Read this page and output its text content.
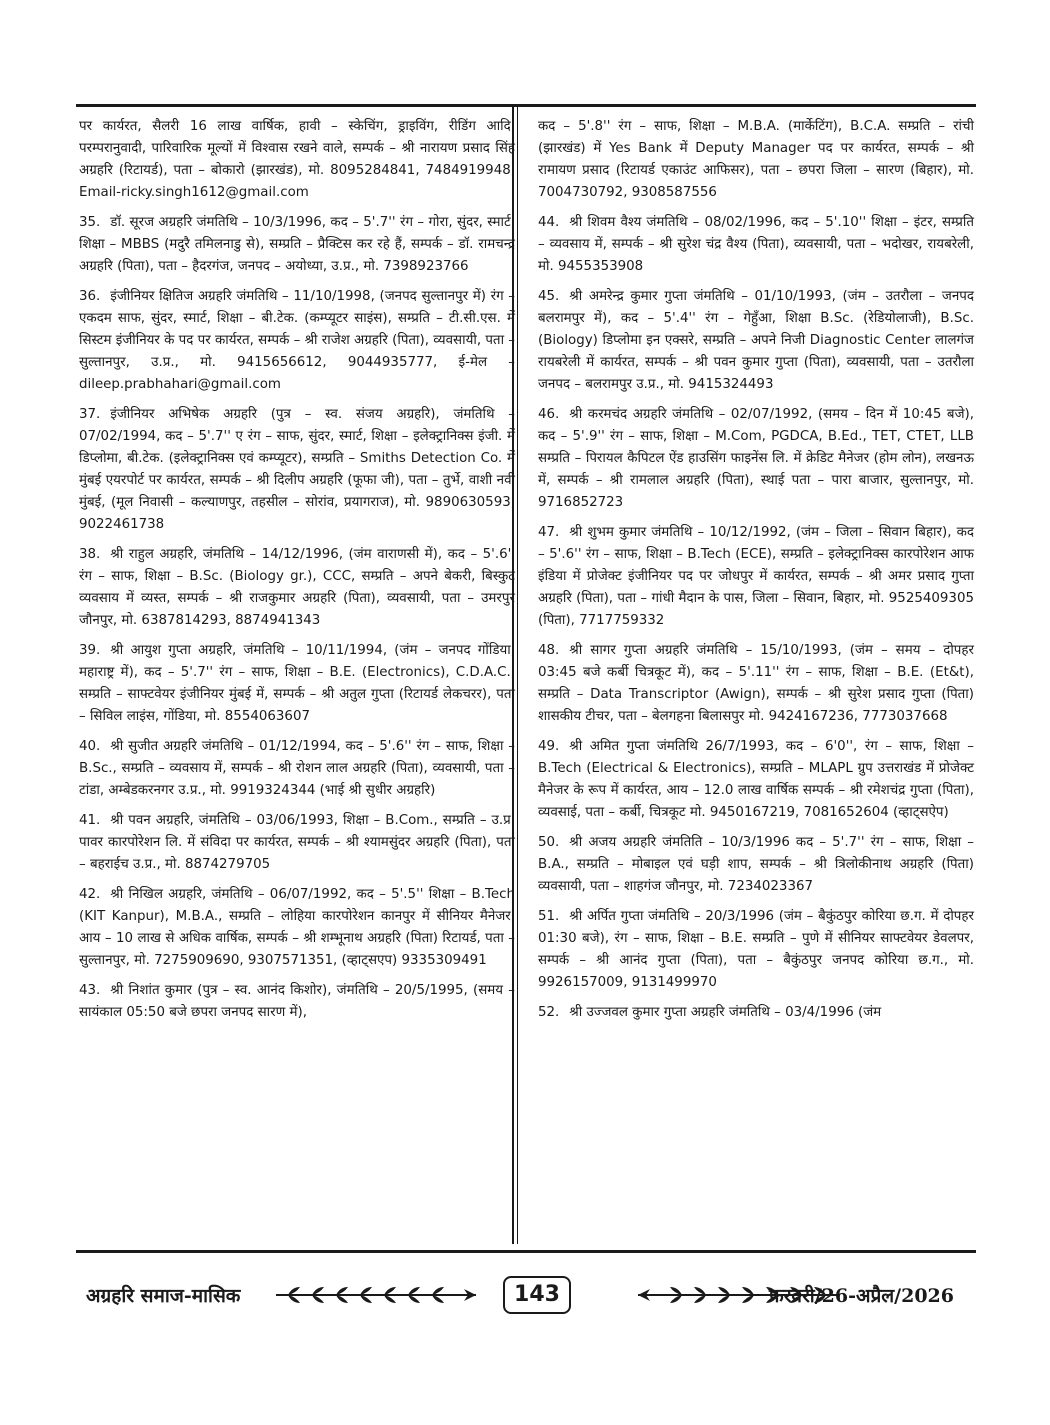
पर कार्यरत, सैलरी 16 लाख वार्षिक, हावी – स्केचिंग, ड्राइविंग, रीडिंग आदि, परम्परानुवादी, पारिवारिक मूल्यों में विश्वास रखने वाले, सम्पर्क – श्री नारायण प्रसाद सिंह अग्रहरि (रिटायर्ड), पता – बोकारो (झारखंड), मो. 8095284841, 7484919948, Email-ricky.singh1612@gmail.com
35. डॉ. सूरज अग्रहरि जंमतिथि – 10/3/1996, कद – 5'.7'' रंग – गोरा, सुंदर, स्मार्ट, शिक्षा – MBBS (मदुरै तमिलनाडु से), सम्प्रति – प्रैक्टिस कर रहे हैं, सम्पर्क – डॉ. रामचन्द्र अग्रहरि (पिता), पता – हैदरगंज, जनपद – अयोध्या, उ.प्र., मो. 7398923766
36. इंजीनियर क्षितिज अग्रहरि जंमतिथि – 11/10/1998, (जनपद सुल्तानपुर में) रंग – एकदम साफ, सुंदर, स्मार्ट, शिक्षा – बी.टेक. (कम्प्यूटर साइंस), सम्प्रति – टी.सी.एस. में सिस्टम इंजीनियर के पद पर कार्यरत, सम्पर्क – श्री राजेश अग्रहरि (पिता), व्यवसायी, पता – सुल्तानपुर, उ.प्र., मो. 9415656612, 9044935777, ई-मेल – dileep.prabhahari@gmail.com
37. इंजीनियर अभिषेक अग्रहरि (पुत्र – स्व. संजय अग्रहरि), जंमतिथि – 07/02/1994, कद – 5'.7'' ए रंग – साफ, सुंदर, स्मार्ट, शिक्षा – इलेक्ट्रानिक्स इंजी. में डिप्लोमा, बी.टेक. (इलेक्ट्रानिक्स एवं कम्प्यूटर), सम्प्रति – Smiths Detection Co. में मुंबई एयरपोर्ट पर कार्यरत, सम्पर्क – श्री दिलीप अग्रहरि (फूफा जी), पता – तुर्भे, वाशी नवी मुंबई, (मूल निवासी – कल्याणपुर, तहसील – सोरांव, प्रयागराज), मो. 9890630593, 9022461738
38. श्री राहुल अग्रहरि, जंमतिथि – 14/12/1996, (जंम वाराणसी में), कद – 5'.6'' रंग – साफ, शिक्षा – B.Sc. (Biology gr.), CCC, सम्प्रति – अपने बेकरी, बिस्कुट व्यवसाय में व्यस्त, सम्पर्क – श्री राजकुमार अग्रहरि (पिता), व्यवसायी, पता – उमरपुर जौनपुर, मो. 6387814293, 8874941343
39. श्री आयुश गुप्ता अग्रहरि, जंमतिथि – 10/11/1994, (जंम – जनपद गोंडिया, महाराष्ट्र में), कद – 5'.7'' रंग – साफ, शिक्षा – B.E. (Electronics), C.D.A.C., सम्प्रति – साफ्टवेयर इंजीनियर मुंबई में, सम्पर्क – श्री अतुल गुप्ता (रिटायर्ड लेकचरर), पता – सिविल लाइंस, गोंडिया, मो. 8554063607
40. श्री सुजीत अग्रहरि जंमतिथि – 01/12/1994, कद – 5'.6'' रंग – साफ, शिक्षा – B.Sc., सम्प्रति – व्यवसाय में, सम्पर्क – श्री रोशन लाल अग्रहरि (पिता), व्यवसायी, पता – टांडा, अम्बेडकरनगर उ.प्र., मो. 9919324344 (भाई श्री सुधीर अग्रहरि)
41. श्री पवन अग्रहरि, जंमतिथि – 03/06/1993, शिक्षा – B.Com., सम्प्रति – उ.प्र. पावर कारपोरेशन लि. में संविदा पर कार्यरत, सम्पर्क – श्री श्यामसुंदर अग्रहरि (पिता), पता – बहराईच उ.प्र., मो. 8874279705
42. श्री निखिल अग्रहरि, जंमतिथि – 06/07/1992, कद – 5'.5'' शिक्षा – B.Tech (KIT Kanpur), M.B.A., सम्प्रति – लोहिया कारपोरेशन कानपुर में सीनियर मैनेजर, आय – 10 लाख से अधिक वार्षिक, सम्पर्क – श्री शम्भूनाथ अग्रहरि (पिता) रिटायर्ड, पता – सुल्तानपुर, मो. 7275909690, 9307571351, (व्हाट्सएप) 9335309491
43. श्री निशांत कुमार (पुत्र – स्व. आनंद किशोर), जंमतिथि – 20/5/1995, (समय – सायंकाल 05:50 बजे छपरा जनपद सारण में),
कद – 5'.8'' रंग – साफ, शिक्षा – M.B.A. (मार्केटिंग), B.C.A. सम्प्रति – रांची (झारखंड) में Yes Bank में Deputy Manager पद पर कार्यरत, सम्पर्क – श्री रामायण प्रसाद (रिटायर्ड एकाउंट आफिसर), पता – छपरा जिला – सारण (बिहार), मो. 7004730792, 9308587556
44. श्री शिवम वैश्य जंमतिथि – 08/02/1996, कद – 5'.10'' शिक्षा – इंटर, सम्प्रति – व्यवसाय में, सम्पर्क – श्री सुरेश चंद्र वैश्य (पिता), व्यवसायी, पता – भदोखर, रायबरेली, मो. 9455353908
45. श्री अमरेन्द्र कुमार गुप्ता जंमतिथि – 01/10/1993, (जंम – उतरौला – जनपद बलरामपुर में), कद – 5'.4'' रंग – गेहुँआ, शिक्षा B.Sc. (रेडियोलाजी), B.Sc. (Biology) डिप्लोमा इन एक्सरे, सम्प्रति – अपने निजी Diagnostic Center लालगंज रायबरेली में कार्यरत, सम्पर्क – श्री पवन कुमार गुप्ता (पिता), व्यवसायी, पता – उतरौला जनपद – बलरामपुर उ.प्र., मो. 9415324493
46. श्री करमचंद अग्रहरि जंमतिथि – 02/07/1992, (समय – दिन में 10:45 बजे), कद – 5'.9'' रंग – साफ, शिक्षा – M.Com, PGDCA, B.Ed., TET, CTET, LLB सम्प्रति – पिरायल कैपिटल ऐंड हाउसिंग फाइनेंस लि. में क्रेडिट मैनेजर (होम लोन), लखनऊ में, सम्पर्क – श्री रामलाल अग्रहरि (पिता), स्थाई पता – पारा बाजार, सुल्तानपुर, मो. 9716852723
47. श्री शुभम कुमार जंमतिथि – 10/12/1992, (जंम – जिला – सिवान बिहार), कद – 5'.6'' रंग – साफ, शिक्षा – B.Tech (ECE), सम्प्रति – इलेक्ट्रानिक्स कारपोरेशन आफ इंडिया में प्रोजेक्ट इंजीनियर पद पर जोधपुर में कार्यरत, सम्पर्क – श्री अमर प्रसाद गुप्ता अग्रहरि (पिता), पता – गांधी मैदान के पास, जिला – सिवान, बिहार, मो. 9525409305 (पिता), 7717759332
48. श्री सागर गुप्ता अग्रहरि जंमतिथि – 15/10/1993, (जंम – समय – दोपहर 03:45 बजे कर्बी चित्रकूट में), कद – 5'.11'' रंग – साफ, शिक्षा – B.E. (Et&t), सम्प्रति – Data Transcriptor (Awign), सम्पर्क – श्री सुरेश प्रसाद गुप्ता (पिता) शासकीय टीचर, पता – बेलगहना बिलासपुर मो. 9424167236, 7773037668
49. श्री अमित गुप्ता जंमतिथि 26/7/1993, कद – 6'0'', रंग – साफ, शिक्षा – B.Tech (Electrical & Electronics), सम्प्रति – MLAPL ग्रुप उत्तराखंड में प्रोजेक्ट मैनेजर के रूप में कार्यरत, आय – 12.0 लाख वार्षिक सम्पर्क – श्री रमेशचंद्र गुप्ता (पिता), व्यवसाई, पता – कर्बी, चित्रकूट मो. 9450167219, 7081652604 (व्हाट्सऐप)
50. श्री अजय अग्रहरि जंमतिति – 10/3/1996 कद – 5'.7'' रंग – साफ, शिक्षा – B.A., सम्प्रति – मोबाइल एवं घड़ी शाप, सम्पर्क – श्री त्रिलोकीनाथ अग्रहरि (पिता) व्यवसायी, पता – शाहगंज जौनपुर, मो. 7234023367
51. श्री अर्पित गुप्ता जंमतिथि – 20/3/1996 (जंम – बैकुंठपुर कोरिया छ.ग. में दोपहर 01:30 बजे), रंग – साफ, शिक्षा – B.E. सम्प्रति – पुणे में सीनियर साफ्टवेयर डेवलपर, सम्पर्क – श्री आनंद गुप्ता (पिता), पता – बैकुंठपुर जनपद कोरिया छ.ग., मो. 9926157009, 9131499970
52. श्री उज्जवल कुमार गुप्ता अग्रहरि जंमतिथि – 03/4/1996 (जंम
अग्रहरि समाज-मासिक	143	फरवरी/26-अप्रैल/2026
